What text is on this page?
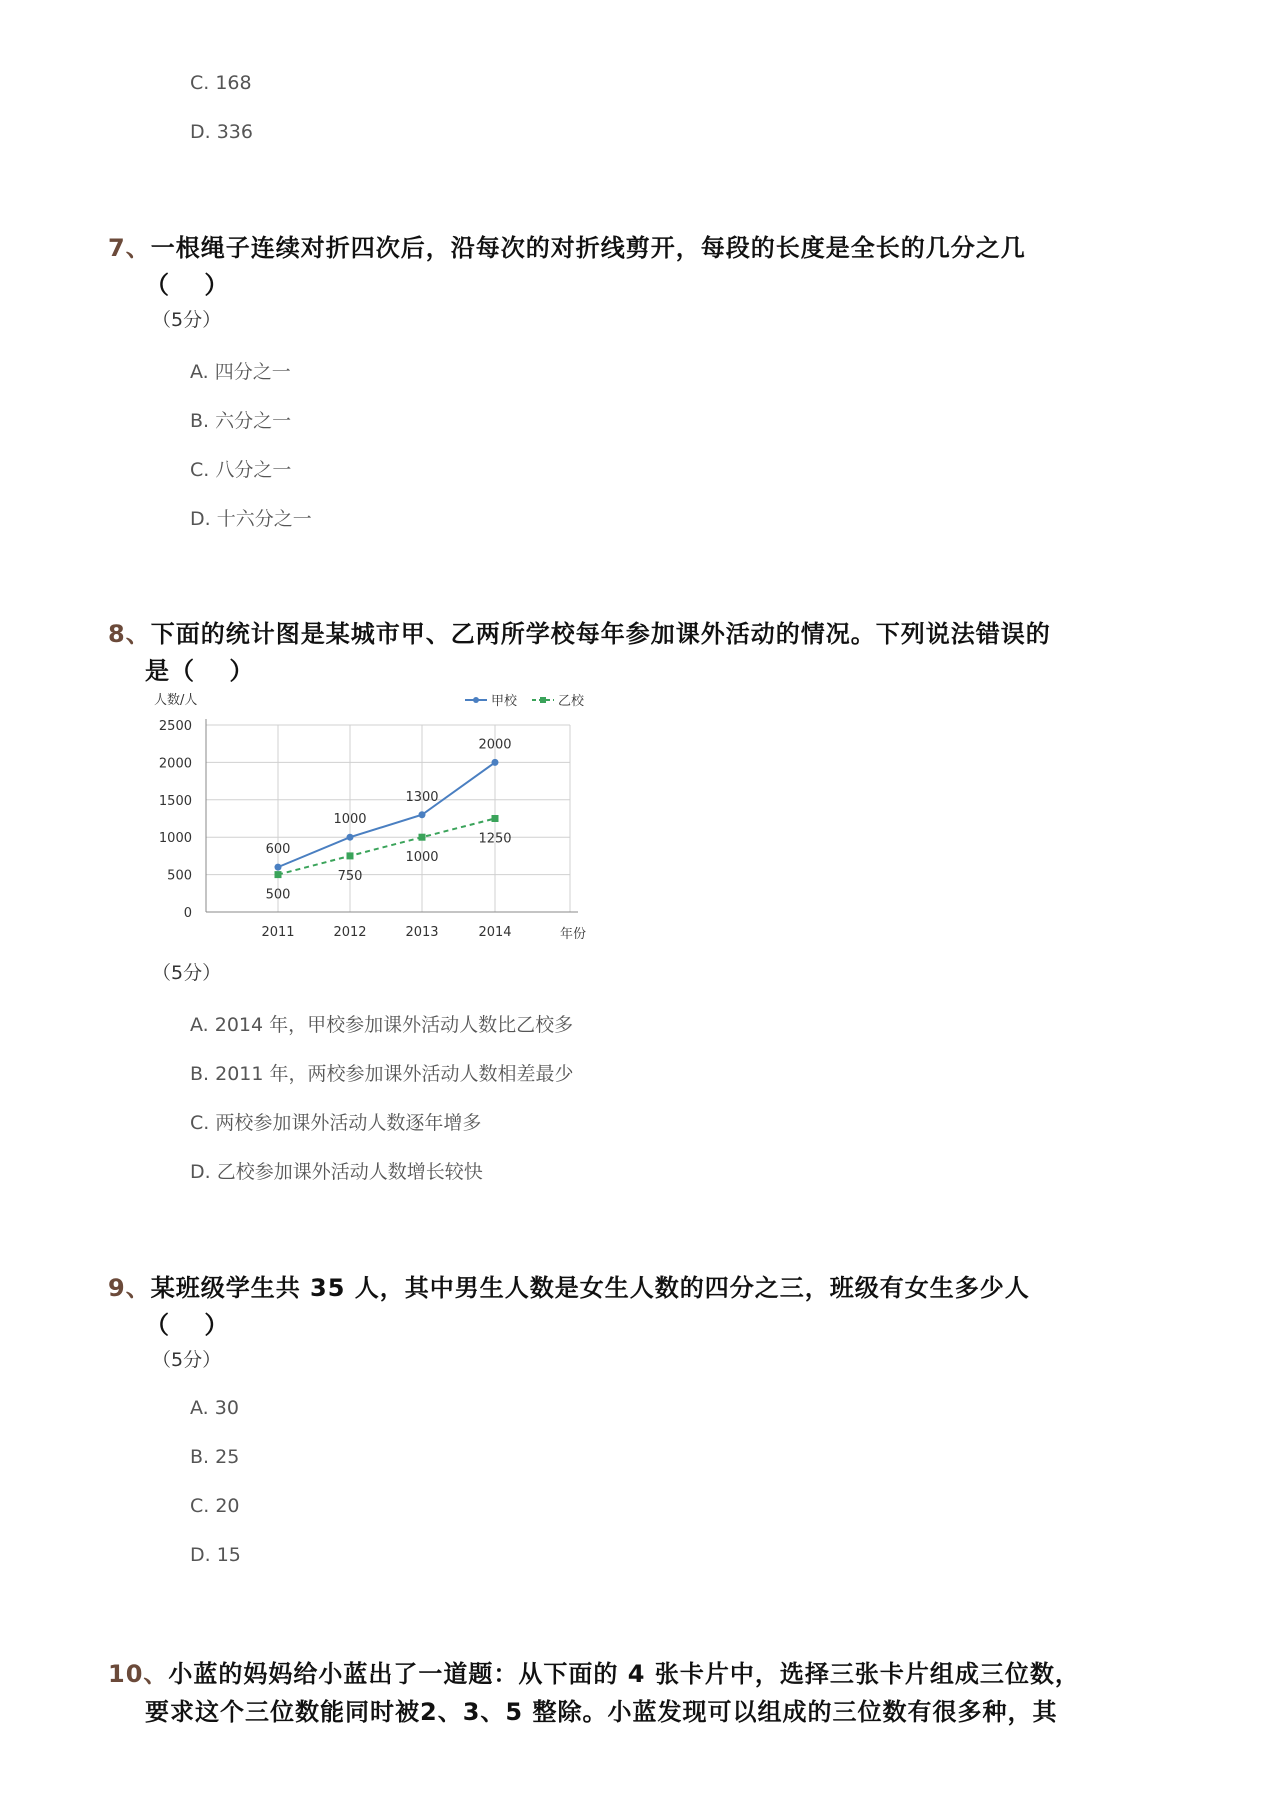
C. 168
D. 336
7、一根绳子连续对折四次后，沿每次的对折线剪开，每段的长度是全长的几分之几
（　 ）
（5分）
A. 四分之一
B. 六分之一
C. 八分之一
D. 十六分之一
8、下面的统计图是某城市甲、乙两所学校每年参加课外活动的情况。下列说法错误的
是（　 ）
0
500
1000
1500
2000
2500
2011	2012	2013	2014
人数/人
年份
600
1000
1300
2000
500
750
1000
1250
甲校	乙校
（5分）
A. 2014 年，甲校参加课外活动人数比乙校多
B. 2011 年，两校参加课外活动人数相差最少
C. 两校参加课外活动人数逐年增多
D. 乙校参加课外活动人数增长较快
9、某班级学生共 35 人，其中男生人数是女生人数的四分之三，班级有女生多少人
（　 ）
（5分）
A. 30
B. 25
C. 20
D. 15
10、小蓝的妈妈给小蓝出了一道题：从下面的 4 张卡片中，选择三张卡片组成三位数，
要求这个三位数能同时被2、3、5 整除。小蓝发现可以组成的三位数有很多种，其
